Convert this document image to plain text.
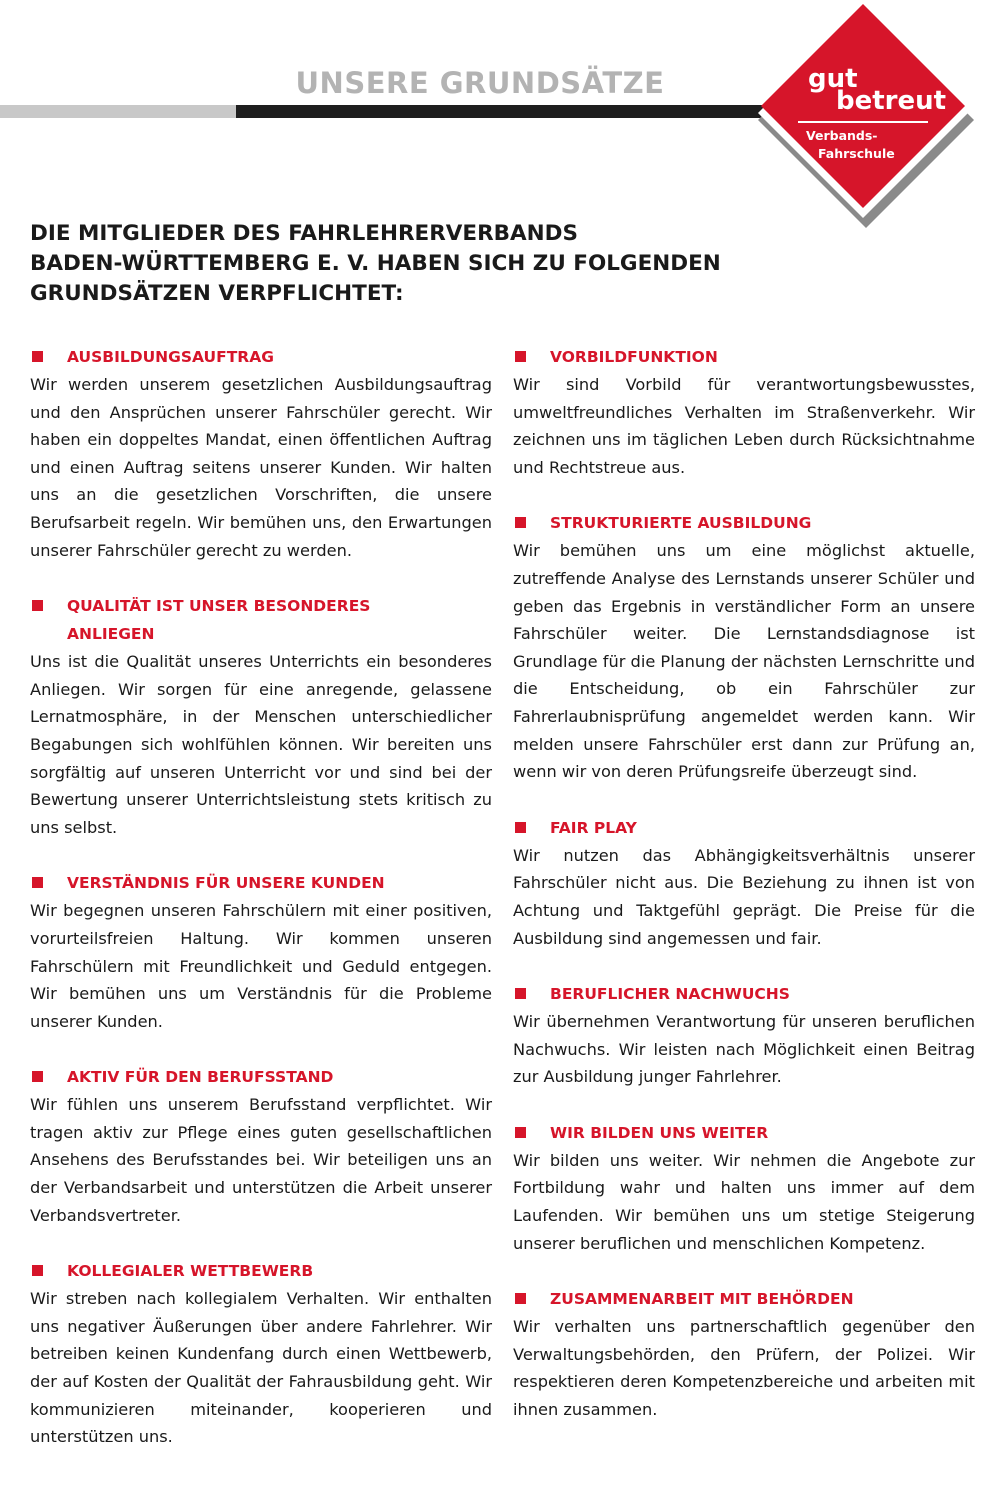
UNSERE GRUNDSÄTZE	gut
betreut
Verbands-
Fahrschule
DIE MITGLIEDER DES FAHRLEHRERVERBANDS
BADEN-WÜRTTEMBERG E. V. HABEN SICH ZU FOLGENDEN
GRUNDSÄTZEN VERPFLICHTET:
AUSBILDUNGSAUFTRAG

Wir werden unserem gesetzlichen Ausbildungsauftrag und den Ansprüchen unserer Fahrschüler gerecht. Wir haben ein doppeltes Mandat, einen öffentlichen Auftrag und einen Auftrag seitens unserer Kunden. Wir halten uns an die gesetzlichen Vorschriften, die unsere Berufsarbeit regeln. Wir bemühen uns, den Erwartungen unserer Fahrschüler gerecht zu werden.

QUALITÄT IST UNSER BESONDERES
ANLIEGEN

Uns ist die Qualität unseres Unterrichts ein besonderes Anliegen. Wir sorgen für eine anregende, gelassene Lernatmosphäre, in der Menschen unterschiedlicher Begabungen sich wohlfühlen können. Wir bereiten uns sorgfältig auf unseren Unterricht vor und sind bei der Bewertung unserer Unterrichtsleistung stets kritisch zu uns selbst.

VERSTÄNDNIS FÜR UNSERE KUNDEN

Wir begegnen unseren Fahrschülern mit einer positiven, vorurteilsfreien Haltung. Wir kommen unseren Fahrschülern mit Freundlichkeit und Geduld entgegen. Wir bemühen uns um Verständnis für die Probleme unserer Kunden.

AKTIV FÜR DEN BERUFSSTAND

Wir fühlen uns unserem Berufsstand verpflichtet. Wir tragen aktiv zur Pflege eines guten gesellschaftlichen Ansehens des Berufsstandes bei. Wir beteiligen uns an der Verbandsarbeit und unterstützen die Arbeit unserer Verbandsvertreter.

KOLLEGIALER WETTBEWERB

Wir streben nach kollegialem Verhalten. Wir enthalten uns negativer Äußerungen über andere Fahrlehrer. Wir betreiben keinen Kundenfang durch einen Wettbewerb, der auf Kosten der Qualität der Fahrausbildung geht. Wir kommunizieren miteinander, kooperieren und unterstützen uns.

VORBILDFUNKTION

Wir sind Vorbild für verantwortungsbewusstes, umweltfreundliches Verhalten im Straßenverkehr. Wir zeichnen uns im täglichen Leben durch Rücksichtnahme und Rechtstreue aus.

STRUKTURIERTE AUSBILDUNG

Wir bemühen uns um eine möglichst aktuelle, zutreffende Analyse des Lernstands unserer Schüler und geben das Ergebnis in verständlicher Form an unsere Fahrschüler weiter. Die Lernstandsdiagnose ist Grundlage für die Planung der nächsten Lernschritte und die Entscheidung, ob ein Fahrschüler zur Fahrerlaubnisprüfung angemeldet werden kann. Wir melden unsere Fahrschüler erst dann zur Prüfung an, wenn wir von deren Prüfungsreife überzeugt sind.

FAIR PLAY

Wir nutzen das Abhängigkeitsverhältnis unserer Fahrschüler nicht aus. Die Beziehung zu ihnen ist von Achtung und Taktgefühl geprägt. Die Preise für die Ausbildung sind angemessen und fair.

BERUFLICHER NACHWUCHS

Wir übernehmen Verantwortung für unseren beruflichen Nachwuchs. Wir leisten nach Möglichkeit einen Beitrag zur Ausbildung junger Fahrlehrer.

WIR BILDEN UNS WEITER

Wir bilden uns weiter. Wir nehmen die Angebote zur Fortbildung wahr und halten uns immer auf dem Laufenden. Wir bemühen uns um stetige Steigerung unserer beruflichen und menschlichen Kompetenz.

ZUSAMMENARBEIT MIT BEHÖRDEN

Wir verhalten uns partnerschaftlich gegenüber den Verwaltungsbehörden, den Prüfern, der Polizei. Wir respektieren deren Kompetenzbereiche und arbeiten mit ihnen zusammen.
